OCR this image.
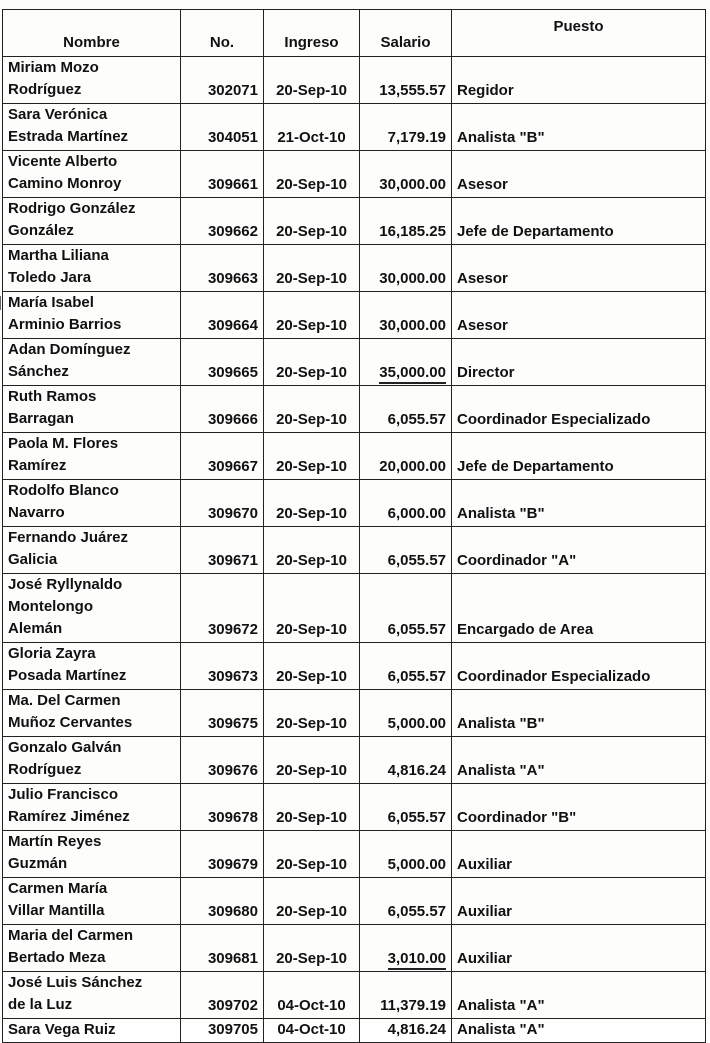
Nombre	No.	Ingreso	Salario	Puesto

Miriam Mozo
Rodríguez	302071	20-Sep-10	13,555.57	Regidor

Sara Verónica
Estrada Martínez	304051	21-Oct-10	7,179.19	Analista "B"

Vicente Alberto
Camino Monroy	309661	20-Sep-10	30,000.00	Asesor

Rodrigo González
González	309662	20-Sep-10	16,185.25	Jefe de Departamento

Martha Liliana
Toledo Jara	309663	20-Sep-10	30,000.00	Asesor

María Isabel
Arminio Barrios	309664	20-Sep-10	30,000.00	Asesor

Adan Domínguez
Sánchez	309665	20-Sep-10	35,000.00	Director

Ruth Ramos
Barragan	309666	20-Sep-10	6,055.57	Coordinador Especializado

Paola M. Flores
Ramírez	309667	20-Sep-10	20,000.00	Jefe de Departamento

Rodolfo Blanco
Navarro	309670	20-Sep-10	6,000.00	Analista "B"

Fernando Juárez
Galicia	309671	20-Sep-10	6,055.57	Coordinador "A"

José Ryllynaldo
Montelongo
Alemán	309672	20-Sep-10	6,055.57	Encargado de Area

Gloria Zayra
Posada Martínez	309673	20-Sep-10	6,055.57	Coordinador Especializado

Ma. Del Carmen
Muñoz Cervantes	309675	20-Sep-10	5,000.00	Analista "B"

Gonzalo Galván
Rodríguez	309676	20-Sep-10	4,816.24	Analista "A"

Julio Francisco
Ramírez Jiménez	309678	20-Sep-10	6,055.57	Coordinador "B"

Martín Reyes
Guzmán	309679	20-Sep-10	5,000.00	Auxiliar

Carmen María
Villar Mantilla	309680	20-Sep-10	6,055.57	Auxiliar

Maria del Carmen
Bertado Meza	309681	20-Sep-10	3,010.00	Auxiliar

José Luis Sánchez
de la Luz	309702	04-Oct-10	11,379.19	Analista "A"

Sara Vega Ruiz	309705	04-Oct-10	4,816.24	Analista "A"
